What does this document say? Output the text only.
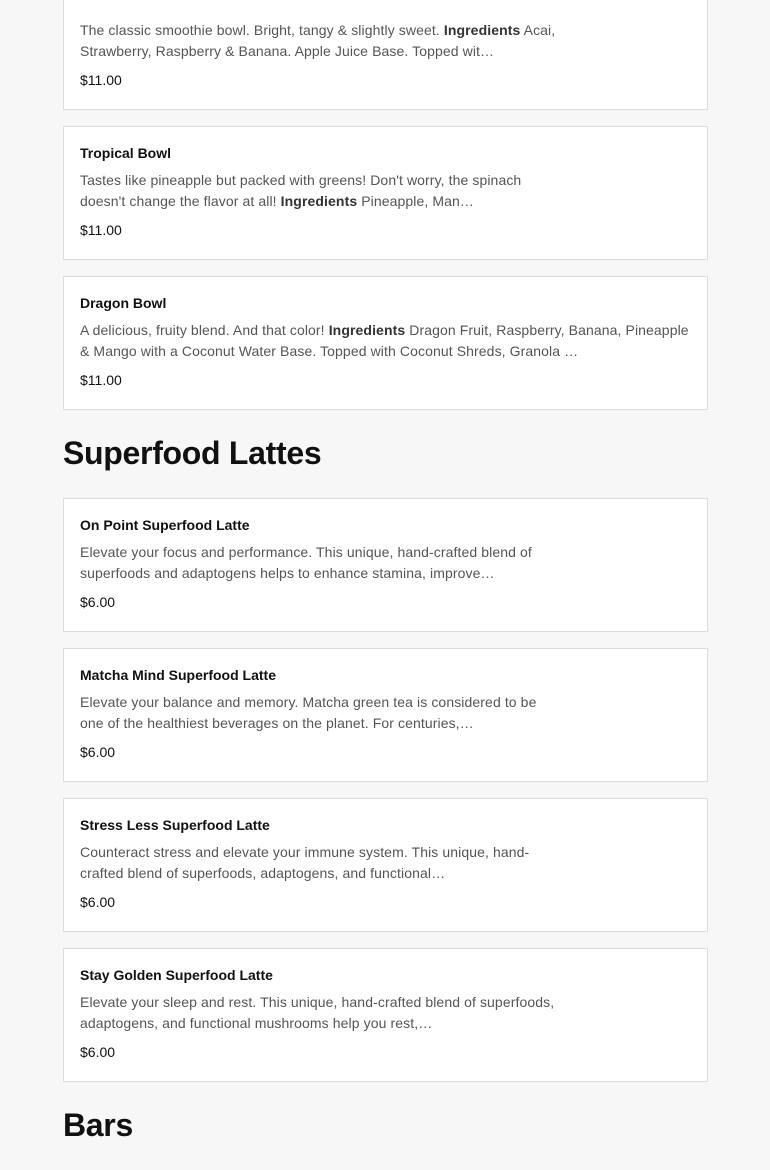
The classic smoothie bowl. Bright, tangy & slightly sweet. Ingredients Acai, Strawberry, Raspberry & Banana. Apple Juice Base. Topped wit…
$11.00
Tropical Bowl
Tastes like pineapple but packed with greens! Don't worry, the spinach doesn't change the flavor at all! Ingredients Pineapple, Man…
$11.00
Dragon Bowl
A delicious, fruity blend. And that color! Ingredients Dragon Fruit, Raspberry, Banana, Pineapple & Mango with a Coconut Water Base. Topped with Coconut Shreds, Granola …
$11.00
Superfood Lattes
On Point Superfood Latte
Elevate your focus and performance. This unique, hand-crafted blend of superfoods and adaptogens helps to enhance stamina, improve…
$6.00
Matcha Mind Superfood Latte
Elevate your balance and memory. Matcha green tea is considered to be one of the healthiest beverages on the planet. For centuries,…
$6.00
Stress Less Superfood Latte
Counteract stress and elevate your immune system. This unique, hand-crafted blend of superfoods, adaptogens, and functional…
$6.00
Stay Golden Superfood Latte
Elevate your sleep and rest. This unique, hand-crafted blend of superfoods, adaptogens, and functional mushrooms help you rest,…
$6.00
Bars
